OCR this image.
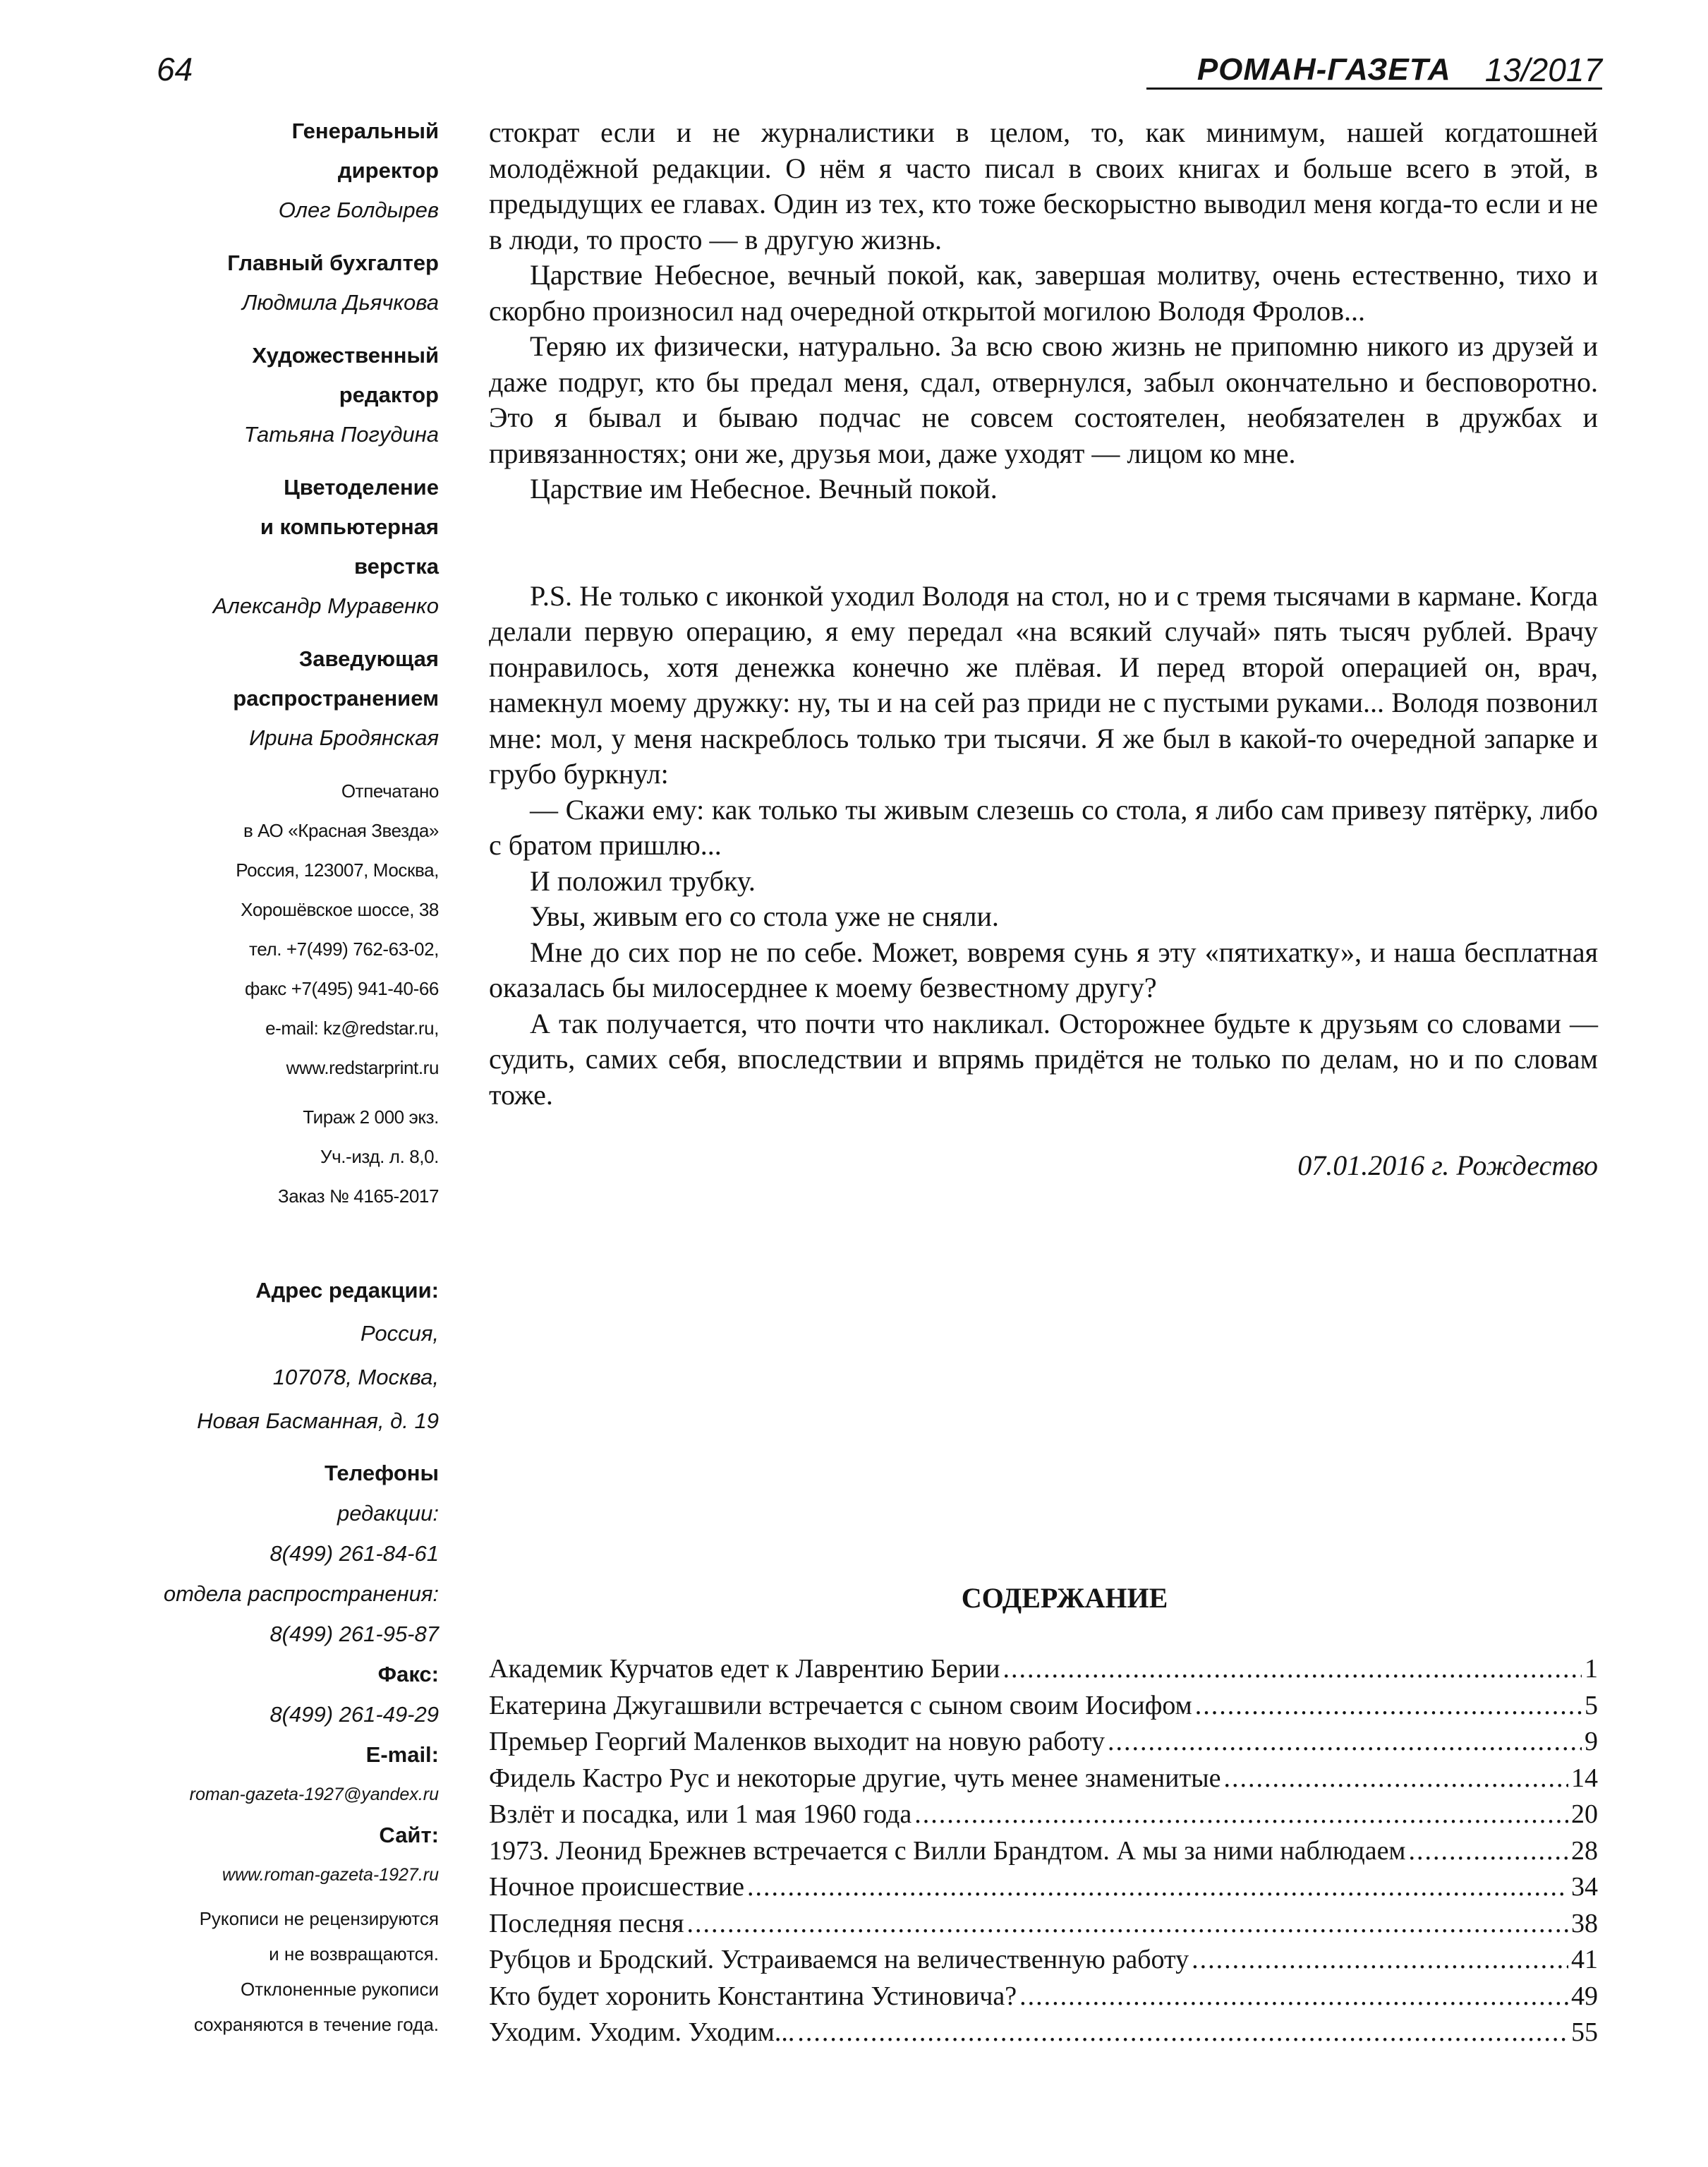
64	РОМАН-ГАЗЕТА 13/2017
Генеральный
директор
Олег Болдырев
Главный бухгалтер
Людмила Дьячкова
Художественный
редактор
Татьяна Погудина
Цветоделение
и компьютерная
верстка
Александр Муравенко
Заведующая
распространением
Ирина Бродянская
Отпечатано
в АО «Красная Звезда»
Россия, 123007, Москва,
Хорошёвское шоссе, 38
тел. +7(499) 762-63-02,
факс +7(495) 941-40-66
e-mail: kz@redstar.ru,
www.redstarprint.ru
Тираж 2 000 экз.
Уч.-изд. л. 8,0.
Заказ № 4165-2017
Адрес редакции:
Россия,
107078, Москва,
Новая Басманная, д. 19
Телефоны
редакции:
8(499) 261-84-61
отдела распространения:
8(499) 261-95-87
Факс:
8(499) 261-49-29
E-mail:
roman-gazeta-1927@yandex.ru
Сайт:
www.roman-gazeta-1927.ru
Рукописи не рецензируются
и не возвращаются.
Отклоненные рукописи
сохраняются в течение года.

стократ если и не журналистики в целом, то, как минимум, нашей когдатошней молодёжной редакции. О нём я часто писал в своих книгах и больше всего в этой, в предыдущих ее главах. Один из тех, кто тоже бескорыстно выводил меня когда-то если и не в люди, то просто — в другую жизнь.

Царствие Небесное, вечный покой, как, завершая молитву, очень естественно, тихо и скорбно произносил над очередной открытой могилою Володя Фролов...

Теряю их физически, натурально. За всю свою жизнь не припомню никого из друзей и даже подруг, кто бы предал меня, сдал, отвернулся, забыл окончательно и бесповоротно. Это я бывал и бываю подчас не совсем состоятелен, необязателен в дружбах и привязанностях; они же, друзья мои, даже уходят — лицом ко мне.

Царствие им Небесное. Вечный покой.

P.S. Не только с иконкой уходил Володя на стол, но и с тремя тысячами в кармане. Когда делали первую операцию, я ему передал «на всякий случай» пять тысяч рублей. Врачу понравилось, хотя денежка конечно же плёвая. И перед второй операцией он, врач, намекнул моему дружку: ну, ты и на сей раз приди не с пустыми руками... Володя позвонил мне: мол, у меня наскреблось только три тысячи. Я же был в какой-то очередной запарке и грубо буркнул:

— Скажи ему: как только ты живым слезешь со стола, я либо сам привезу пятёрку, либо с братом пришлю...

И положил трубку.

Увы, живым его со стола уже не сняли.

Мне до сих пор не по себе. Может, вовремя сунь я эту «пятихатку», и наша бесплатная оказалась бы милосерднее к моему безвестному другу?

А так получается, что почти что накликал. Осторожнее будьте к друзьям со словами — судить, самих себя, впоследствии и впрямь придётся не только по делам, но и по словам тоже.

07.01.2016 г. Рождество
СОДЕРЖАНИЕ
Академик Курчатов едет к Лаврентию Берии .....	1
Екатерина Джугашвили встречается с сыном своим Иосифом .....	5
Премьер Георгий Маленков выходит на новую работу .....	9
Фидель Кастро Рус и некоторые другие, чуть менее знаменитые .....	14
Взлёт и посадка, или 1 мая 1960 года .....	20
1973. Леонид Брежнев встречается с Вилли Брандтом. А мы за ними наблюдаем .....	28
Ночное происшествие .....	34
Последняя песня .....	38
Рубцов и Бродский. Устраиваемся на величественную работу .....	41
Кто будет хоронить Константина Устиновича? .....	49
Уходим. Уходим. Уходим... .....	55
